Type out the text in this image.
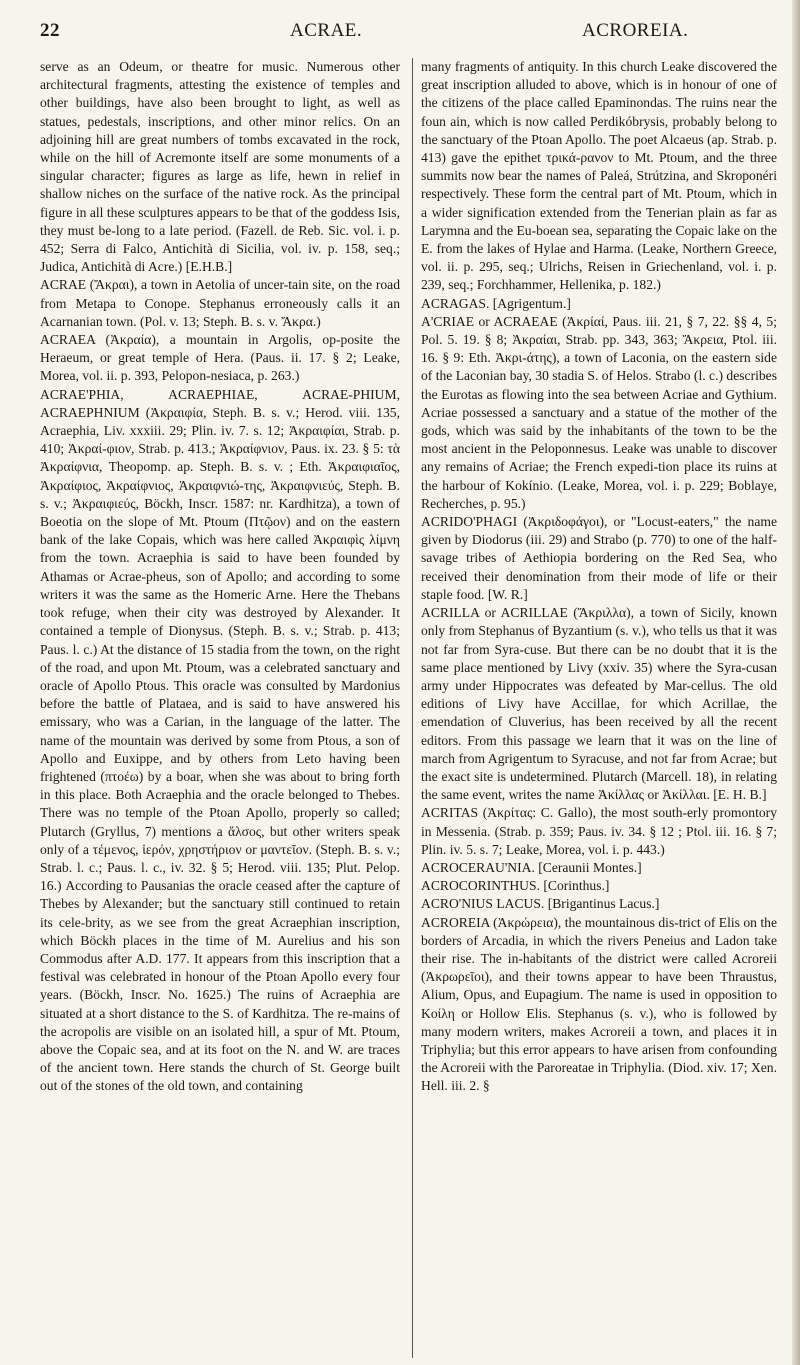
22	ACRAE.	ACROREIA.

serve as an Odeum, or theatre for music. Numerous other architectural fragments, attesting the existence of temples and other buildings, have also been brought to light, as well as statues, pedestals, inscriptions, and other minor relics. On an adjoining hill are great numbers of tombs excavated in the rock, while on the hill of Acremonte itself are some monuments of a singular character; figures as large as life, hewn in relief in shallow niches on the surface of the native rock. As the principal figure in all these sculptures appears to be that of the goddess Isis, they must be-long to a late period. (Fazell. de Reb. Sic. vol. i. p. 452; Serra di Falco, Antichità di Sicilia, vol. iv. p. 158, seq.; Judica, Antichità di Acre.) [E.H.B.]

ACRAE (Ἄκραι), a town in Aetolia of uncer-tain site, on the road from Metapa to Conope. Stephanus erroneously calls it an Acarnanian town. (Pol. v. 13; Steph. B. s. v. Ἄκρα.)

ACRAEA (Ἀκραία), a mountain in Argolis, op-posite the Heraeum, or great temple of Hera. (Paus. ii. 17. § 2; Leake, Morea, vol. ii. p. 393, Pelopon-nesiaca, p. 263.)

ACRAE'PHIA, ACRAEPHIAE, ACRAE-PHIUM, ACRAEPHNIUM (Ἀκραιφία, Steph. B. s. v.; Herod. viii. 135, Acraephia, Liv. xxxiii. 29; Plin. iv. 7. s. 12; Ἀκραιφίαι, Strab. p. 410; Ἀκραί-φιον, Strab. p. 413.; Ἀκραίφνιον, Paus. ix. 23. § 5: τὰ Ἀκραίφνια, Theopomp. ap. Steph. B. s. v. ; Eth. Ἀκραιφιαῖος, Ἀκραίφιος, Ἀκραίφνιος, Ἀκραιφνιώ-της, Ἀκραιφνιεύς, Steph. B. s. v.; Ἀκραιφιεύς, Böckh, Inscr. 1587: nr. Kardhitza), a town of Boeotia on the slope of Mt. Ptoum (Πτῷον) and on the eastern bank of the lake Copais, which was here called Ἀκραιφὶς λίμνη from the town. Acraephia is said to have been founded by Athamas or Acrae-pheus, son of Apollo; and according to some writers it was the same as the Homeric Arne. Here the Thebans took refuge, when their city was destroyed by Alexander. It contained a temple of Dionysus. (Steph. B. s. v.; Strab. p. 413; Paus. l. c.) At the distance of 15 stadia from the town, on the right of the road, and upon Mt. Ptoum, was a celebrated sanctuary and oracle of Apollo Ptous. This oracle was consulted by Mardonius before the battle of Plataea, and is said to have answered his emissary, who was a Carian, in the language of the latter. The name of the mountain was derived by some from Ptous, a son of Apollo and Euxippe, and by others from Leto having been frightened (πτοέω) by a boar, when she was about to bring forth in this place. Both Acraephia and the oracle belonged to Thebes. There was no temple of the Ptoan Apollo, properly so called; Plutarch (Gryllus, 7) mentions a ἄλσος, but other writers speak only of a τέμενος, ἱερόν, χρηστήριον or μαντεῖον. (Steph. B. s. v.; Strab. l. c.; Paus. l. c., iv. 32. § 5; Herod. viii. 135; Plut. Pelop. 16.) According to Pausanias the oracle ceased after the capture of Thebes by Alexander; but the sanctuary still continued to retain its cele-brity, as we see from the great Acraephian inscription, which Böckh places in the time of M. Aurelius and his son Commodus after A.D. 177. It appears from this inscription that a festival was celebrated in honour of the Ptoan Apollo every four years. (Böckh, Inscr. No. 1625.) The ruins of Acraephia are situated at a short distance to the S. of Kardhitza. The re-mains of the acropolis are visible on an isolated hill, a spur of Mt. Ptoum, above the Copaic sea, and at its foot on the N. and W. are traces of the ancient town. Here stands the church of St. George built out of the stones of the old town, and containing

many fragments of antiquity. In this church Leake discovered the great inscription alluded to above, which is in honour of one of the citizens of the place called Epaminondas. The ruins near the foun ain, which is now called Perdikóbrysis, probably belong to the sanctuary of the Ptoan Apollo. The poet Alcaeus (ap. Strab. p. 413) gave the epithet τρικά-ρανον to Mt. Ptoum, and the three summits now bear the names of Paleá, Strútzina, and Skroponéri respectively. These form the central part of Mt. Ptoum, which in a wider signification extended from the Tenerian plain as far as Larymna and the Eu-boean sea, separating the Copaic lake on the E. from the lakes of Hylae and Harma. (Leake, Northern Greece, vol. ii. p. 295, seq.; Ulrichs, Reisen in Griechenland, vol. i. p. 239, seq.; Forchhammer, Hellenika, p. 182.)

ACRAGAS. [Agrigentum.]

A'CRIAE or ACRAEAE (Ἀκρίαί, Paus. iii. 21, § 7, 22. §§ 4, 5; Pol. 5. 19. § 8; Ἀκραίαι, Strab. pp. 343, 363; Ἄκρεια, Ptol. iii. 16. § 9: Eth. Ἀκρι-άτης), a town of Laconia, on the eastern side of the Laconian bay, 30 stadia S. of Helos. Strabo (l. c.) describes the Eurotas as flowing into the sea between Acriae and Gythium. Acriae possessed a sanctuary and a statue of the mother of the gods, which was said by the inhabitants of the town to be the most ancient in the Peloponnesus. Leake was unable to discover any remains of Acriae; the French expedi-tion place its ruins at the harbour of Kokínio. (Leake, Morea, vol. i. p. 229; Boblaye, Recherches, p. 95.)

ACRIDO'PHAGI (Ἀκριδοφάγοι), or "Locust-eaters," the name given by Diodorus (iii. 29) and Strabo (p. 770) to one of the half-savage tribes of Aethiopia bordering on the Red Sea, who received their denomination from their mode of life or their staple food. [W. R.]

ACRILLA or ACRILLAE (Ἄκριλλα), a town of Sicily, known only from Stephanus of Byzantium (s. v.), who tells us that it was not far from Syra-cuse. But there can be no doubt that it is the same place mentioned by Livy (xxiv. 35) where the Syra-cusan army under Hippocrates was defeated by Mar-cellus. The old editions of Livy have Accillae, for which Acrillae, the emendation of Cluverius, has been received by all the recent editors. From this passage we learn that it was on the line of march from Agrigentum to Syracuse, and not far from Acrae; but the exact site is undetermined. Plutarch (Marcell. 18), in relating the same event, writes the name Ἀκίλλας or Ἀκίλλαι. [E. H. B.]

ACRITAS (Ἀκρίτας: C. Gallo), the most south-erly promontory in Messenia. (Strab. p. 359; Paus. iv. 34. § 12 ; Ptol. iii. 16. § 7; Plin. iv. 5. s. 7; Leake, Morea, vol. i. p. 443.)

ACROCERAU'NIA. [Ceraunii Montes.]

ACROCORINTHUS. [Corinthus.]

ACRO'NIUS LACUS. [Brigantinus Lacus.]

ACROREIA (Ἀκρώρεια), the mountainous dis-trict of Elis on the borders of Arcadia, in which the rivers Peneius and Ladon take their rise. The in-habitants of the district were called Acroreii (Ἀκρωρεῖοι), and their towns appear to have been Thraustus, Alium, Opus, and Eupagium. The name is used in opposition to Κοίλη or Hollow Elis. Stephanus (s. v.), who is followed by many modern writers, makes Acroreii a town, and places it in Triphylia; but this error appears to have arisen from confounding the Acroreii with the Paroreatae in Triphylia. (Diod. xiv. 17; Xen. Hell. iii. 2. §
